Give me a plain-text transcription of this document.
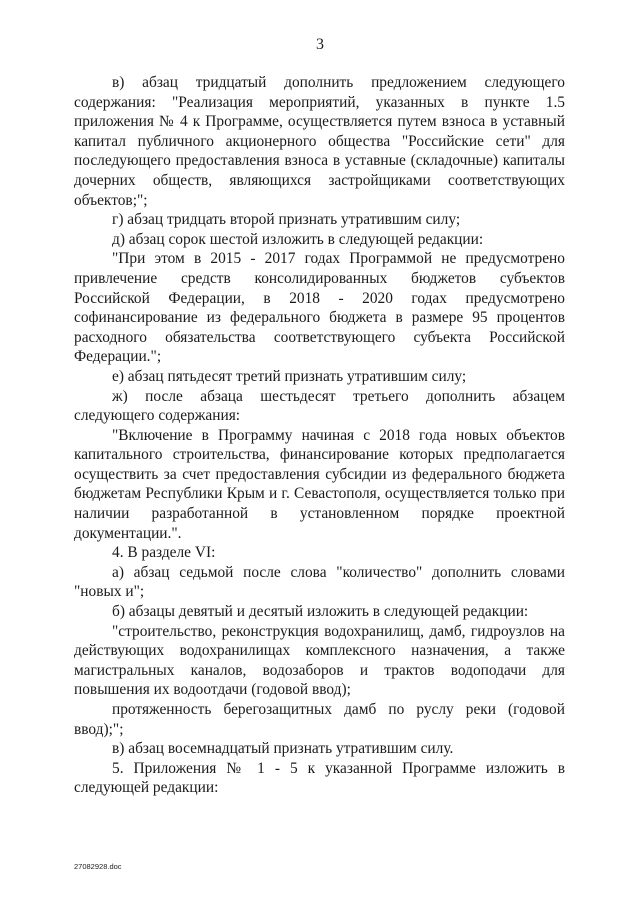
3

в) абзац тридцатый дополнить предложением следующего содержания: "Реализация мероприятий, указанных в пункте 1.5 приложения № 4 к Программе, осуществляется путем взноса в уставный капитал публичного акционерного общества "Российские сети" для последующего предоставления взноса в уставные (складочные) капиталы дочерних обществ, являющихся застройщиками соответствующих объектов;";

г) абзац тридцать второй признать утратившим силу;

д) абзац сорок шестой изложить в следующей редакции:

"При этом в 2015 - 2017 годах Программой не предусмотрено привлечение средств консолидированных бюджетов субъектов Российской Федерации, в 2018 - 2020 годах предусмотрено софинансирование из федерального бюджета в размере 95 процентов расходного обязательства соответствующего субъекта Российской Федерации.";

е) абзац пятьдесят третий признать утратившим силу;

ж) после абзаца шестьдесят третьего дополнить абзацем следующего содержания:

"Включение в Программу начиная с 2018 года новых объектов капитального строительства, финансирование которых предполагается осуществить за счет предоставления субсидии из федерального бюджета бюджетам Республики Крым и г. Севастополя, осуществляется только при наличии разработанной в установленном порядке проектной документации.".

4. В разделе VI:

а) абзац седьмой после слова "количество" дополнить словами "новых и";

б) абзацы девятый и десятый изложить в следующей редакции:

"строительство, реконструкция водохранилищ, дамб, гидроузлов на действующих водохранилищах комплексного назначения, а также магистральных каналов, водозаборов и трактов водоподачи для повышения их водоотдачи (годовой ввод);

протяженность берегозащитных дамб по руслу реки (годовой ввод);";

в) абзац восемнадцатый признать утратившим силу.

5. Приложения № 1 - 5 к указанной Программе изложить в следующей редакции:

27082928.doc
